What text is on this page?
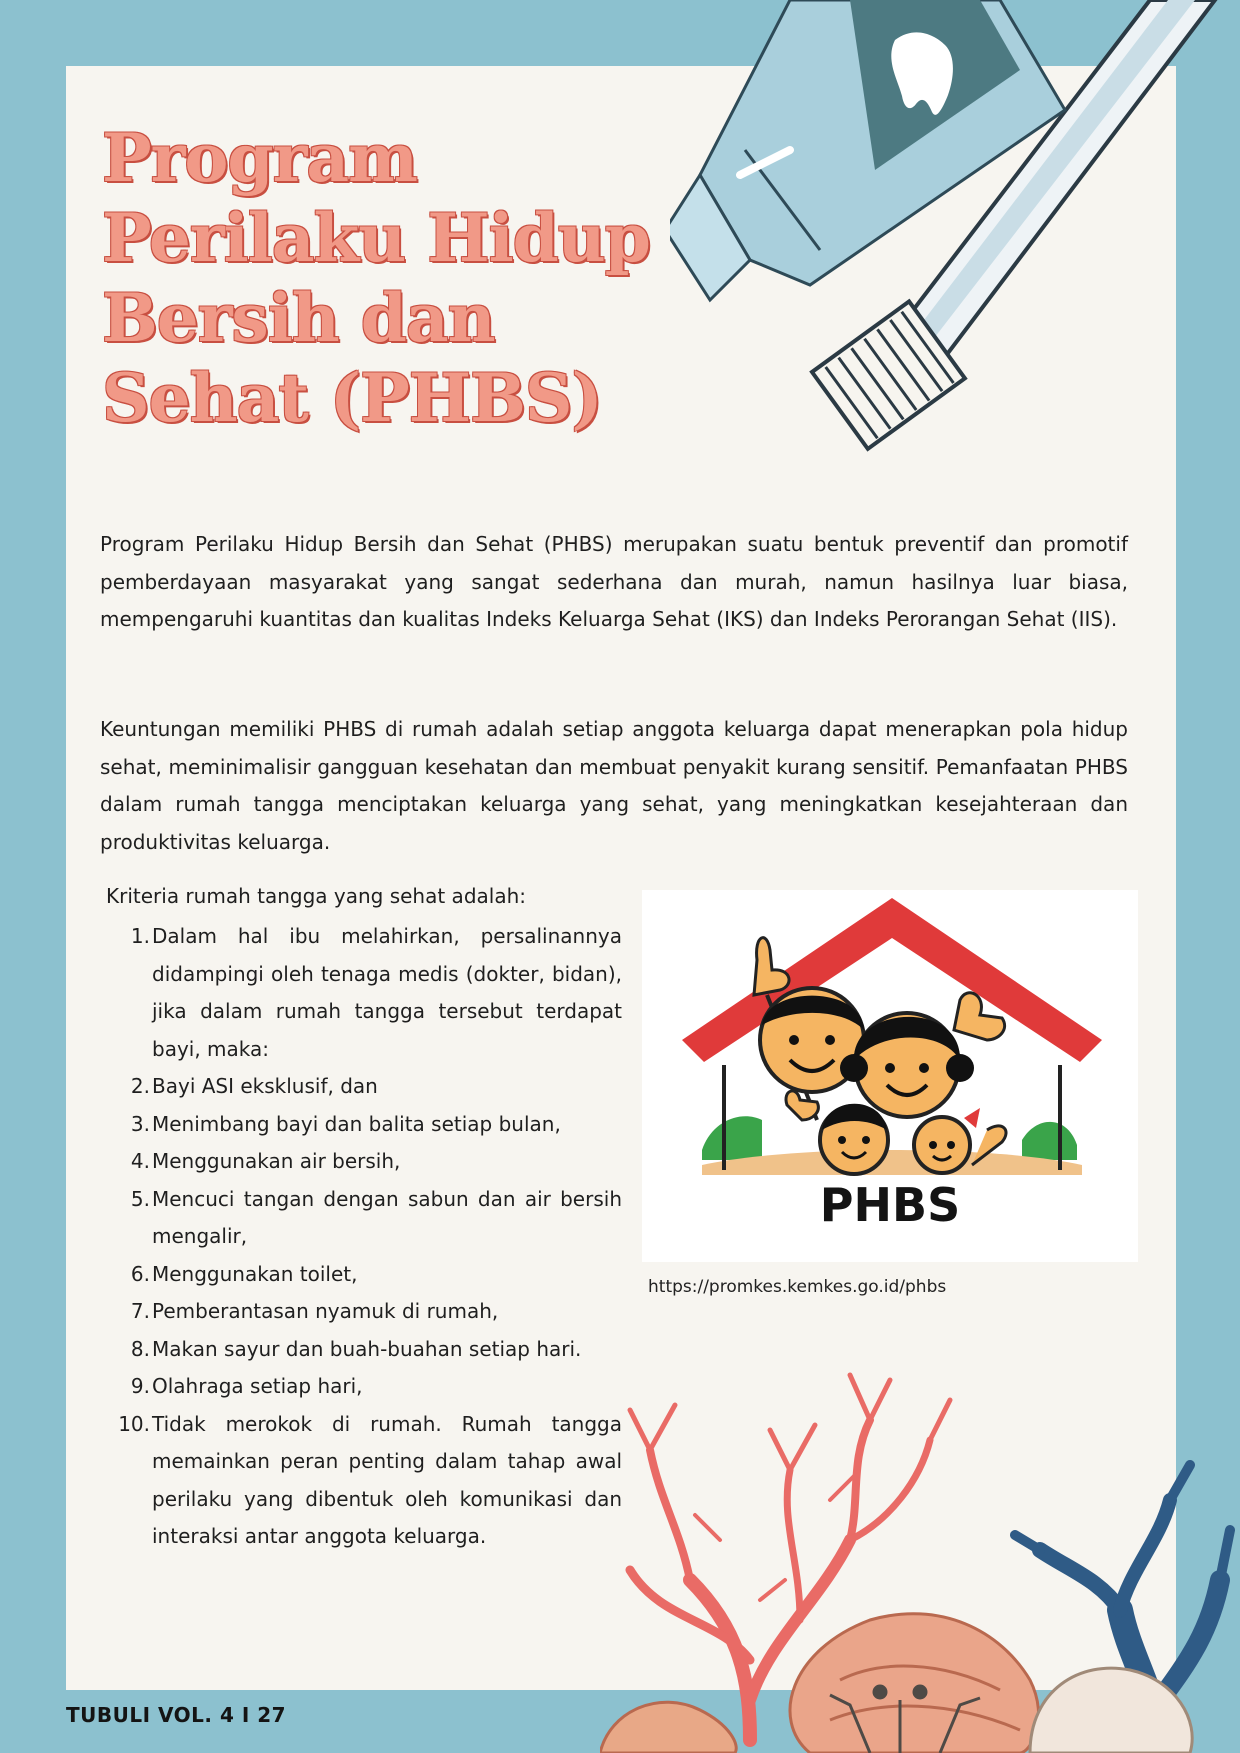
Program Perilaku Hidup Bersih dan Sehat (PHBS)

Program Perilaku Hidup Bersih dan Sehat (PHBS) merupakan suatu bentuk preventif dan promotif pemberdayaan masyarakat yang sangat sederhana dan murah, namun hasilnya luar biasa, mempengaruhi kuantitas dan kualitas Indeks Keluarga Sehat (IKS) dan Indeks Perorangan Sehat (IIS).

Keuntungan memiliki PHBS di rumah adalah setiap anggota keluarga dapat menerapkan pola hidup sehat, meminimalisir gangguan kesehatan dan membuat penyakit kurang sensitif. Pemanfaatan PHBS dalam rumah tangga menciptakan keluarga yang sehat, yang meningkatkan kesejahteraan dan produktivitas keluarga.

Kriteria rumah tangga yang sehat adalah:
1 . Dalam hal ibu melahirkan, persalinannya didampingi oleh tenaga medis (dokter, bidan), jika dalam rumah tangga tersebut terdapat bayi, maka:
2 . Bayi ASI eksklusif, dan
3 . Menimbang bayi dan balita setiap bulan,
4 . Menggunakan air bersih,
5 . Mencuci tangan dengan sabun dan air bersih mengalir,
6 . Menggunakan toilet,
7 . Pemberantasan nyamuk di rumah,
8 . Makan sayur dan buah-buahan setiap hari.
9 . Olahraga setiap hari,
10 . Tidak merokok di rumah. Rumah tangga memainkan peran penting dalam tahap awal perilaku yang dibentuk oleh komunikasi dan interaksi antar anggota keluarga.
PHBS
https://promkes.kemkes.go.id/phbs
TUBULI VOL. 4 I 27
